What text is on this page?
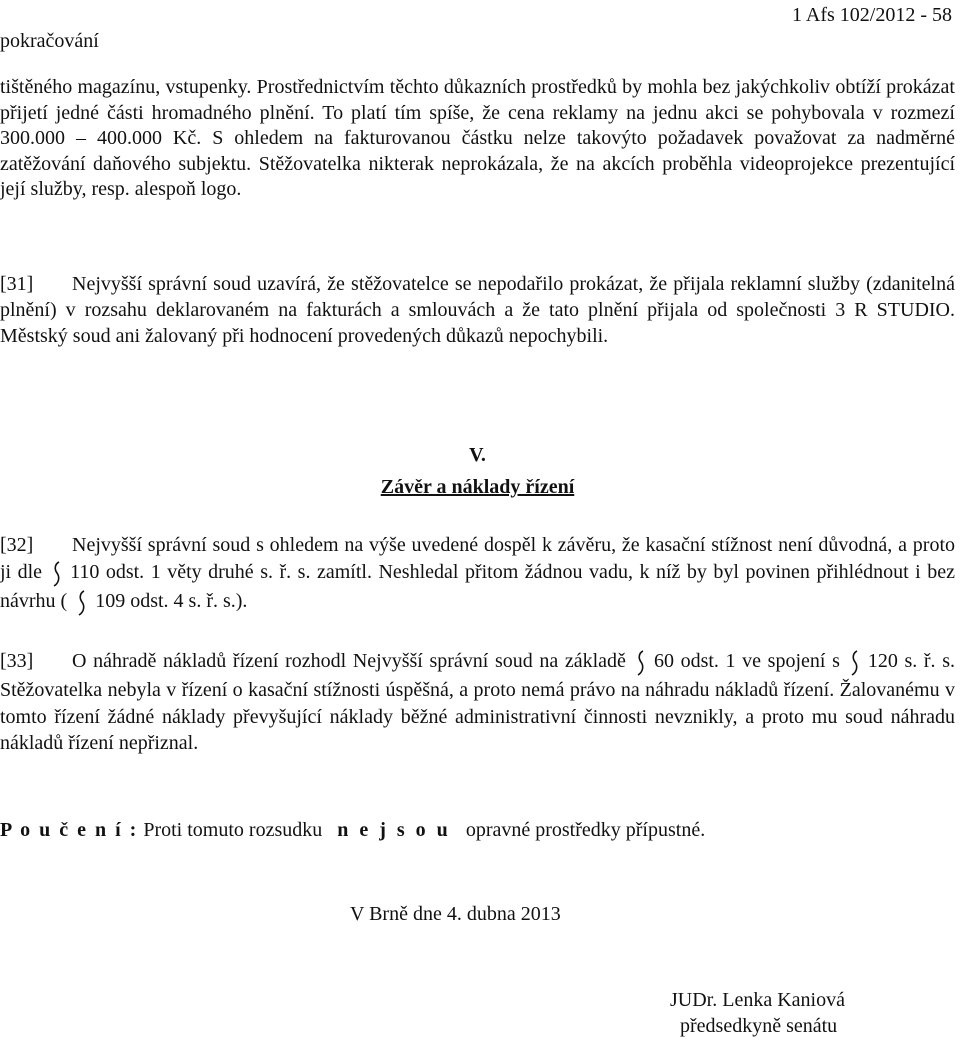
pokračování
1 Afs 102/2012 - 58
tištěného magazínu, vstupenky. Prostřednictvím těchto důkazních prostředků by mohla bez jakýchkoliv obtíží prokázat přijetí jedné části hromadného plnění. To platí tím spíše, že cena reklamy na jednu akci se pohybovala v rozmezí 300.000 – 400.000 Kč. S ohledem na fakturovanou částku nelze takovýto požadavek považovat za nadměrné zatěžování daňového subjektu. Stěžovatelka nikterak neprokázala, že na akcích proběhla videoprojekce prezentující její služby, resp. alespoň logo.
[31] Nejvyšší správní soud uzavírá, že stěžovatelce se nepodařilo prokázat, že přijala reklamní služby (zdanitelná plnění) v rozsahu deklarovaném na fakturách a smlouvách a že tato plnění přijala od společnosti 3 R STUDIO. Městský soud ani žalovaný při hodnocení provedených důkazů nepochybili.
V.
Závěr a náklady řízení
[32] Nejvyšší správní soud s ohledem na výše uvedené dospěl k závěru, že kasační stížnost není důvodná, a proto ji dle 110 odst. 1 věty druhé s. ř. s. zamítl. Neshledal přitom žádnou vadu, k níž by byl povinen přihlédnout i bez návrhu ( 109 odst. 4 s. ř. s.).
[33] O náhradě nákladů řízení rozhodl Nejvyšší správní soud na základě 60 odst. 1 ve spojení s 120 s. ř. s. Stěžovatelka nebyla v řízení o kasační stížnosti úspěšná, a proto nemá právo na náhradu nákladů řízení. Žalovanému v tomto řízení žádné náklady převyšující náklady běžné administrativní činnosti nevznikly, a proto mu soud náhradu nákladů řízení nepřiznal.
P o u č e n í : Proti tomuto rozsudku n e j s o u opravné prostředky přípustné.
V Brně dne 4. dubna 2013
JUDr. Lenka Kaniová
předsedkyně senátu
